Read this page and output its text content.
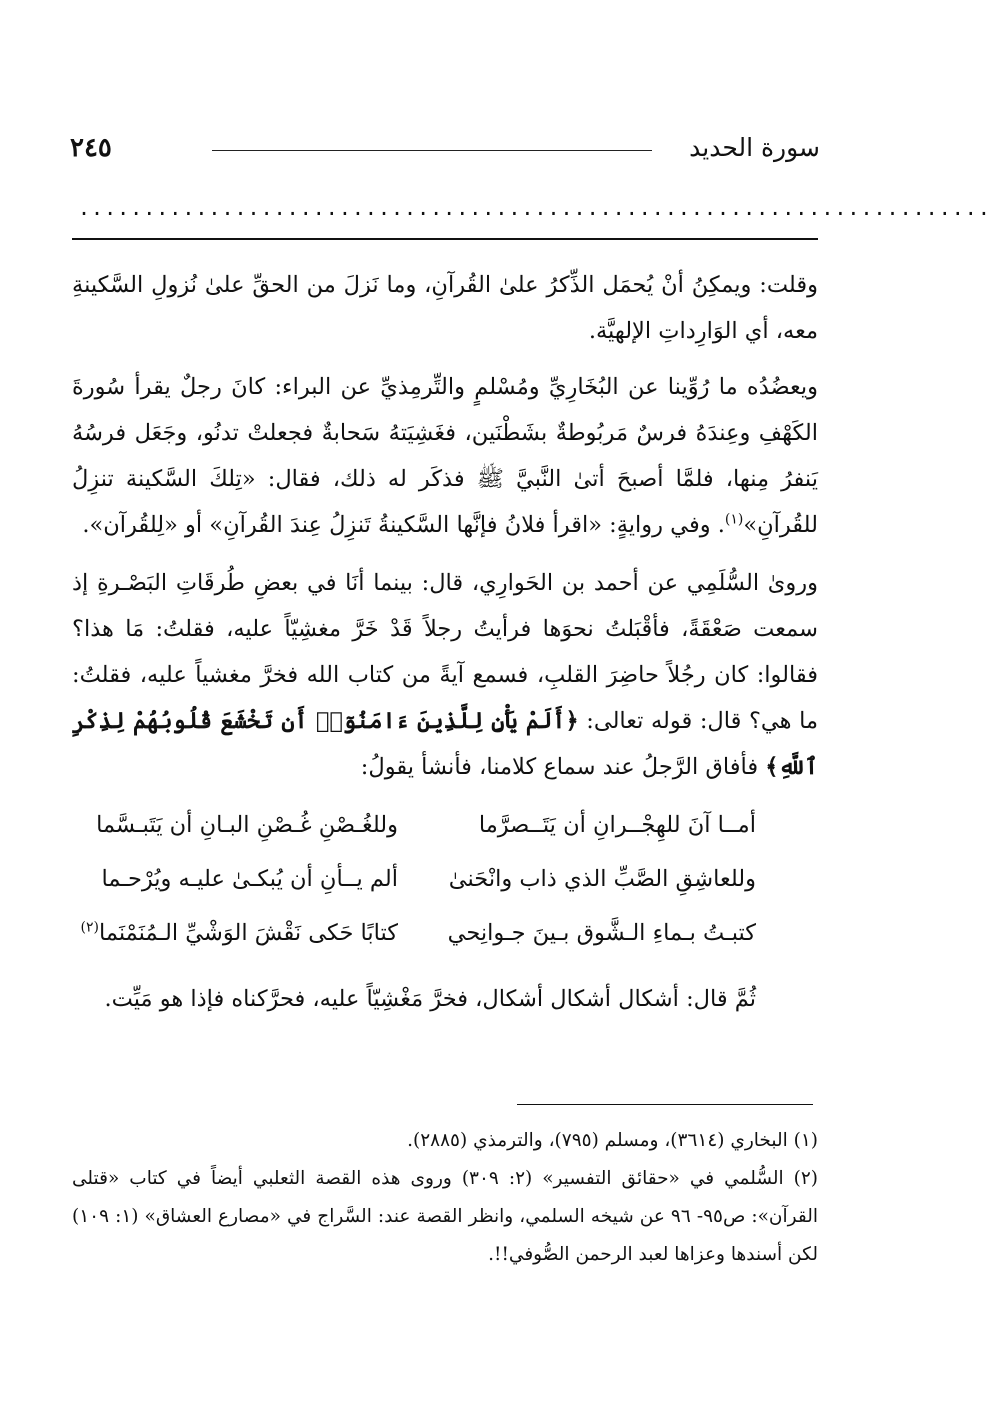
سورة الحديد
٢٤٥
......................................................................

وقلت: ويمكِنُ أنْ يُحمَل الذِّكرُ علىٰ القُرآنِ، وما نَزلَ من الحقِّ علىٰ نُزولِ السَّكينةِ معه، أي الوَارِداتِ الإلهيَّة.

ويعضُدُه ما رُوِّينا عن البُخَارِيِّ ومُسْلمٍ والتِّرمِذيِّ عن البراء: كانَ رجلٌ يقرأ سُورةَ الكَهْفِ وعِندَهُ فرسٌ مَربُوطةٌ بشَطْنَين، فغَشِيَتهُ سَحابةٌ فجعلتْ تدنُو، وجَعَل فرسُهُ يَنفرُ مِنها، فلمَّا أصبحَ أتىٰ النَّبيَّ ﷺ فذكَر له ذلك، فقال: «تِلكَ السَّكينة تنزِلُ للقُرآنِ»$^{(١)}$. وفي روايةٍ: «اقرأ فلانُ فإنَّها السَّكينةُ تَنزِلُ عِندَ القُرآنِ» أو «لِلقُرآن».

وروىٰ السُّلَمِي عن أحمد بن الحَوارِي، قال: بينما أنَا في بعضِ طُرقَاتِ البَصْـرةِ إذ سمعت صَعْقَةً، فأقْبَلتُ نحوَها فرأيتُ رجلاً قَدْ خَرَّ مغشِيّاً عليه، فقلتُ: مَا هذا؟ فقالوا: كان رجُلاً حاضِرَ القلبِ، فسمع آيةً من كتاب الله فخرَّ مغشياً عليه، فقلتُ: ما هي؟ قال: قوله تعالى: ﴿أَلَمْ يَأْنِ لِلَّذِينَ ءَامَنُوٓا۟ أَن تَخْشَعَ قُلُوبُهُمْ لِذِكْرِ ٱللَّهِ﴾ فأفاق الرَّجلُ عند سماع كلامنا، فأنشأ يقولُ:

أمــا آنَ للهِجْــرانِ أن يَتَــصرَّما
وللغُـصْنِ غُـصْنِ البـانِ أن يَتَبـسَّما
وللعاشِقِ الصَّبِّ الذي ذاب وانْحَنىٰ
ألم يــأنِ أن يُبكـىٰ عليـه ويُرْحـما
كتبـتُ بـماءِ الـشَّوق بـينَ جـوانِحي
كتابًا حَكى نَقْشَ الوَشْيِّ الـمُنَمْنَما$^{(٢)}$

ثُمَّ قال: أشكال أشكال أشكال، فخرَّ مَغْشِيّاً عليه، فحرَّكناه فإذا هو مَيِّت.

(١) البخاري (٣٦١٤)، ومسلم (٧٩٥)، والترمذي (٢٨٨٥).

(٢) السُّلمي في «حقائق التفسير» (٢: ٣٠٩) وروى هذه القصة الثعلبي أيضاً في كتاب «قتلى القرآن»: ص٩٥- ٩٦ عن شيخه السلمي، وانظر القصة عند: السَّراج في «مصارع العشاق» (١: ١٠٩) لكن أسندها وعزاها لعبد الرحمن الصُّوفي!!.
